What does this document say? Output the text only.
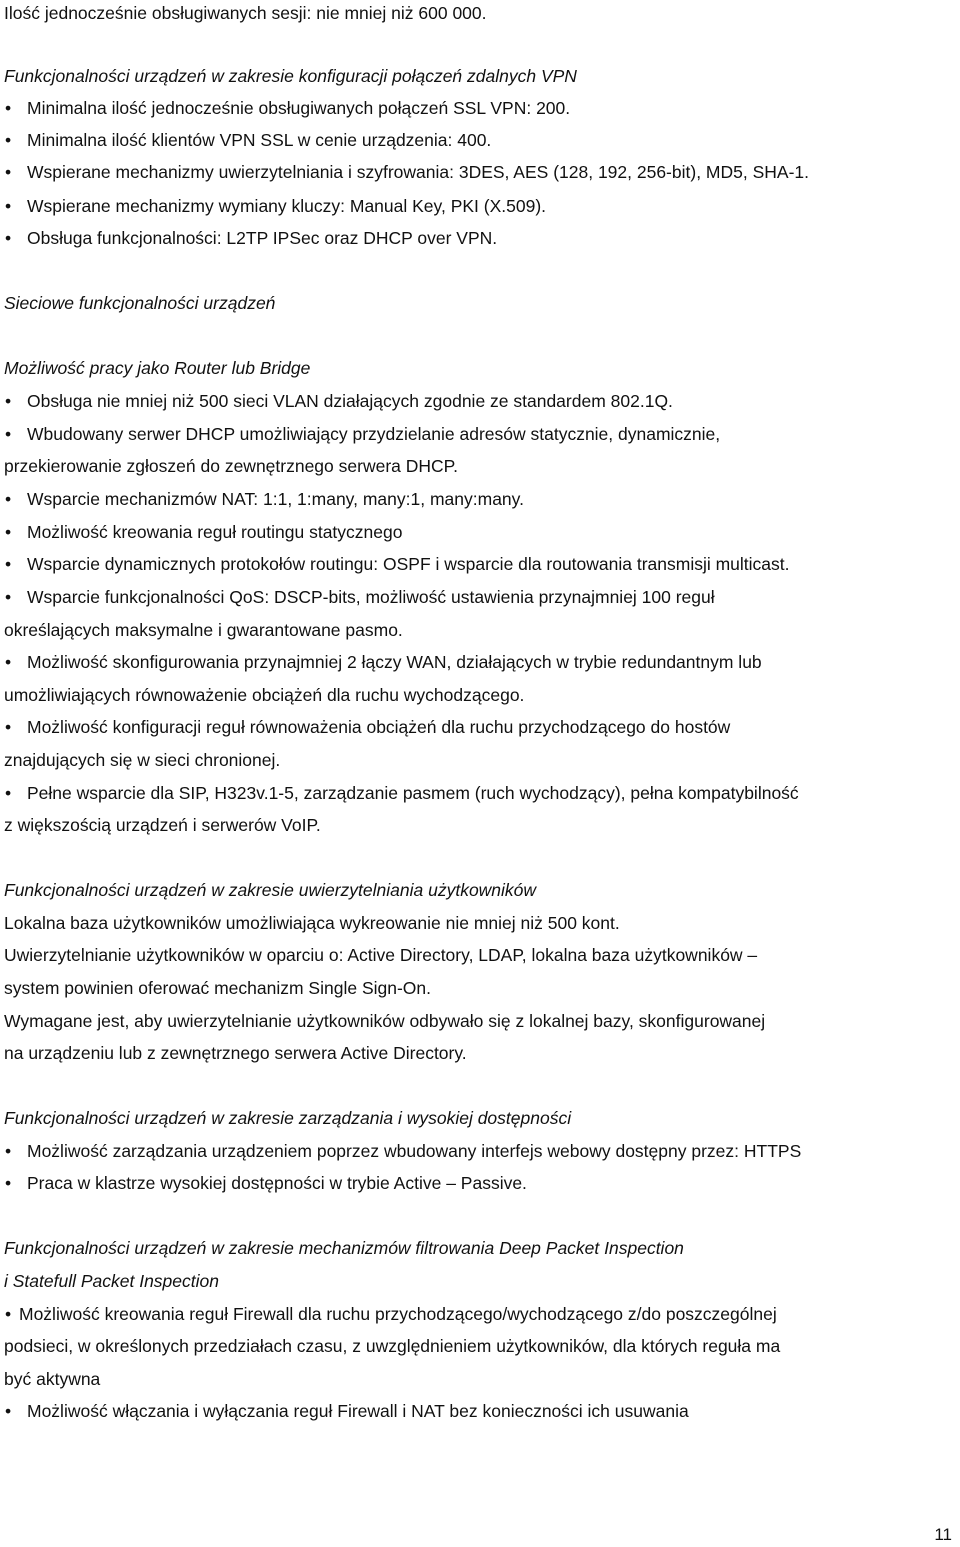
Ilość jednocześnie obsługiwanych sesji: nie mniej niż 600 000.
Funkcjonalności urządzeń w zakresie konfiguracji połączeń zdalnych VPN
• Minimalna ilość jednocześnie obsługiwanych połączeń SSL VPN: 200.
• Minimalna ilość klientów VPN SSL w cenie urządzenia: 400.
• Wspierane mechanizmy uwierzytelniania i szyfrowania: 3DES, AES (128, 192, 256-bit), MD5, SHA-1.
• Wspierane mechanizmy wymiany kluczy: Manual Key, PKI (X.509).
• Obsługa funkcjonalności: L2TP IPSec oraz DHCP over VPN.
Sieciowe funkcjonalności urządzeń
Możliwość pracy jako Router lub Bridge
• Obsługa nie mniej niż 500 sieci VLAN działających zgodnie ze standardem 802.1Q.
• Wbudowany serwer DHCP umożliwiający przydzielanie adresów statycznie, dynamicznie,
przekierowanie zgłoszeń do zewnętrznego serwera DHCP.
• Wsparcie mechanizmów NAT: 1:1, 1:many, many:1, many:many.
• Możliwość kreowania reguł routingu statycznego
• Wsparcie dynamicznych protokołów routingu: OSPF i wsparcie dla routowania transmisji multicast.
• Wsparcie funkcjonalności QoS: DSCP-bits, możliwość ustawienia przynajmniej 100 reguł
określających maksymalne i gwarantowane pasmo.
• Możliwość skonfigurowania przynajmniej 2 łączy WAN, działających w trybie redundantnym lub
umożliwiających równoważenie obciążeń dla ruchu wychodzącego.
• Możliwość konfiguracji reguł równoważenia obciążeń dla ruchu przychodzącego do hostów
znajdujących się w sieci chronionej.
• Pełne wsparcie dla SIP, H323v.1-5, zarządzanie pasmem (ruch wychodzący), pełna kompatybilność
z większością urządzeń i serwerów VoIP.
Funkcjonalności urządzeń w zakresie uwierzytelniania użytkowników
Lokalna baza użytkowników umożliwiająca wykreowanie nie mniej niż 500 kont.
Uwierzytelnianie użytkowników w oparciu o: Active Directory, LDAP, lokalna baza użytkowników –
system powinien oferować mechanizm Single Sign-On.
Wymagane jest, aby uwierzytelnianie użytkowników odbywało się z lokalnej bazy, skonfigurowanej
na urządzeniu lub z zewnętrznego serwera Active Directory.
Funkcjonalności urządzeń w zakresie zarządzania i wysokiej dostępności
• Możliwość zarządzania urządzeniem poprzez wbudowany interfejs webowy dostępny przez: HTTPS
• Praca w klastrze wysokiej dostępności w trybie Active – Passive.
Funkcjonalności urządzeń w zakresie mechanizmów filtrowania Deep Packet Inspection
i Statefull Packet Inspection
• Możliwość kreowania reguł Firewall dla ruchu przychodzącego/wychodzącego z/do poszczególnej
podsieci, w określonych przedziałach czasu, z uwzględnieniem użytkowników, dla których reguła ma
być aktywna
• Możliwość włączania i wyłączania reguł Firewall i NAT bez konieczności ich usuwania
11
